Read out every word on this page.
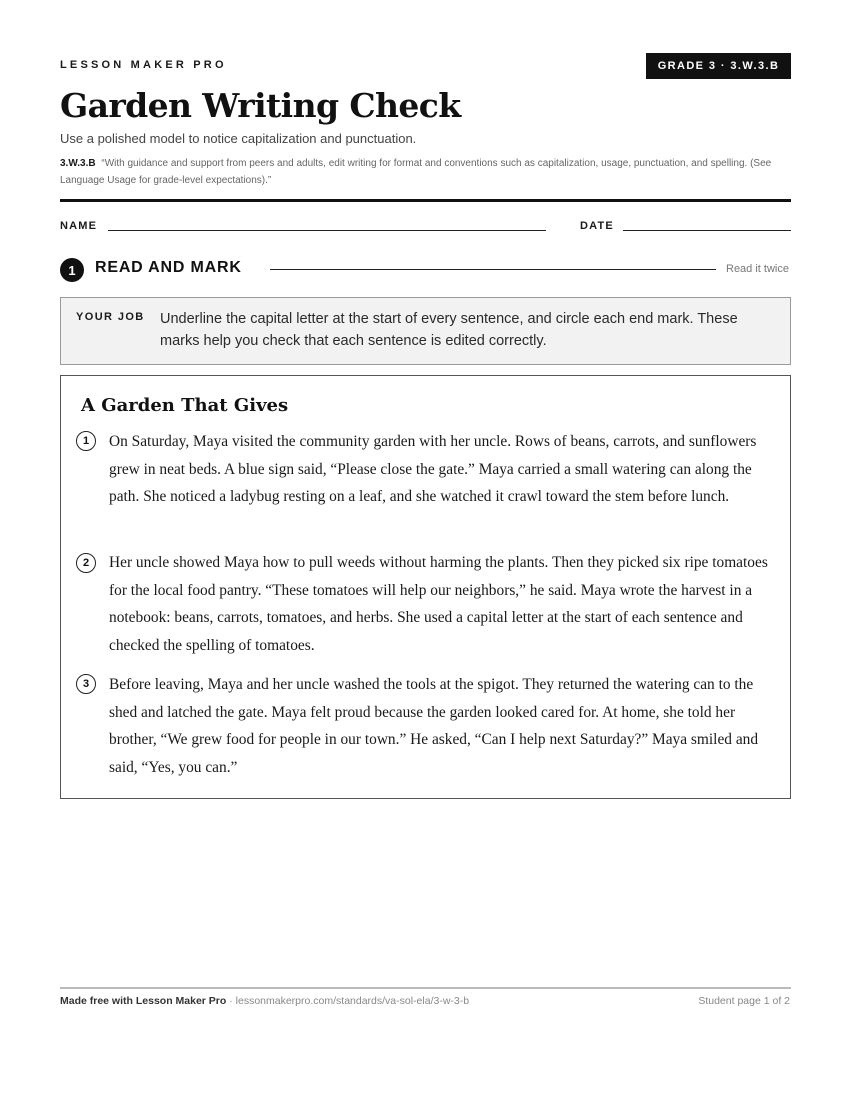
LESSON MAKER PRO	GRADE 3 · 3.W.3.B
Garden Writing Check
Use a polished model to notice capitalization and punctuation.
3.W.3.B “With guidance and support from peers and adults, edit writing for format and conventions such as capitalization, usage, punctuation, and spelling. (See Language Usage for grade-level expectations).”
NAME	DATE
1	READ AND MARK	Read it twice
YOUR JOB Underline the capital letter at the start of every sentence, and circle each end mark. These marks help you check that each sentence is edited correctly.
A Garden That Gives
1	On Saturday, Maya visited the community garden with her uncle. Rows of beans, carrots, and sunflowers grew in neat beds. A blue sign said, “Please close the gate.” Maya carried a small watering can along the path. She noticed a ladybug resting on a leaf, and she watched it crawl toward the stem before lunch.
2	Her uncle showed Maya how to pull weeds without harming the plants. Then they picked six ripe tomatoes for the local food pantry. “These tomatoes will help our neighbors,” he said. Maya wrote the harvest in a notebook: beans, carrots, tomatoes, and herbs. She used a capital letter at the start of each sentence and checked the spelling of tomatoes.
3	Before leaving, Maya and her uncle washed the tools at the spigot. They returned the watering can to the shed and latched the gate. Maya felt proud because the garden looked cared for. At home, she told her brother, “We grew food for people in our town.” He asked, “Can I help next Saturday?” Maya smiled and said, “Yes, you can.”
Made free with Lesson Maker Pro · lessonmakerpro.com/standards/va-sol-ela/3-w-3-b	Student page 1 of 2
